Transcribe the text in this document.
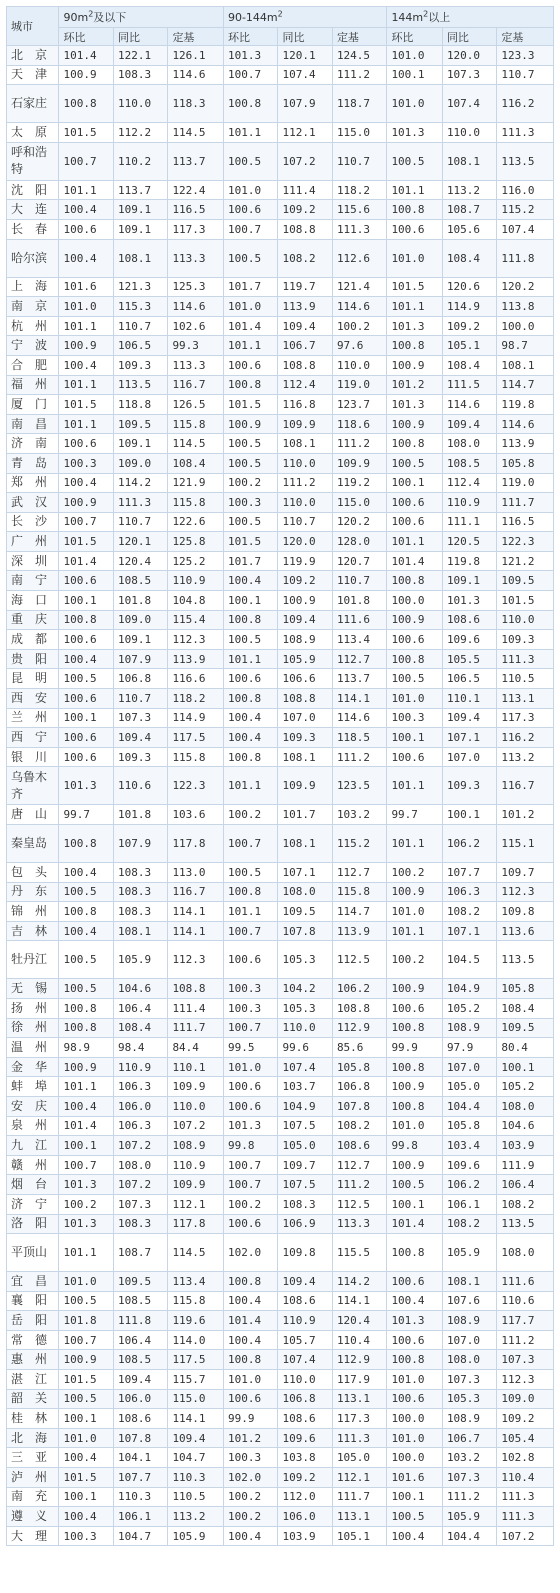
城市	$90m^2$及以下			$90-144m^2$			$144m^2$以上		
	环比	同比	定基	环比	同比	定基	环比	同比	定基
北　京	101.4	122.1	126.1	101.3	120.1	124.5	101.0	120.0	123.3
天　津	100.9	108.3	114.6	100.7	107.4	111.2	100.1	107.3	110.7
石家庄	100.8	110.0	118.3	100.8	107.9	118.7	101.0	107.4	116.2
太　原	101.5	112.2	114.5	101.1	112.1	115.0	101.3	110.0	111.3
呼和浩特	100.7	110.2	113.7	100.5	107.2	110.7	100.5	108.1	113.5
沈　阳	101.1	113.7	122.4	101.0	111.4	118.2	101.1	113.2	116.0
大　连	100.4	109.1	116.5	100.6	109.2	115.6	100.8	108.7	115.2
长　春	100.6	109.1	117.3	100.7	108.8	111.3	100.6	105.6	107.4
哈尔滨	100.4	108.1	113.3	100.5	108.2	112.6	101.0	108.4	111.8
上　海	101.6	121.3	125.3	101.7	119.7	121.4	101.5	120.6	120.2
南　京	101.0	115.3	114.6	101.0	113.9	114.6	101.1	114.9	113.8
杭　州	101.1	110.7	102.6	101.4	109.4	100.2	101.3	109.2	100.0
宁　波	100.9	106.5	99.3	101.1	106.7	97.6	100.8	105.1	98.7
合　肥	100.4	109.3	113.3	100.6	108.8	110.0	100.9	108.4	108.1
福　州	101.1	113.5	116.7	100.8	112.4	119.0	101.2	111.5	114.7
厦　门	101.5	118.8	126.5	101.5	116.8	123.7	101.3	114.6	119.8
南　昌	101.1	109.5	115.8	100.9	109.9	118.6	100.9	109.4	114.6
济　南	100.6	109.1	114.5	100.5	108.1	111.2	100.8	108.0	113.9
青　岛	100.3	109.0	108.4	100.5	110.0	109.9	100.5	108.5	105.8
郑　州	100.4	114.2	121.9	100.2	111.2	119.2	100.1	112.4	119.0
武　汉	100.9	111.3	115.8	100.3	110.0	115.0	100.6	110.9	111.7
长　沙	100.7	110.7	122.6	100.5	110.7	120.2	100.6	111.1	116.5
广　州	101.5	120.1	125.8	101.5	120.0	128.0	101.1	120.5	122.3
深　圳	101.4	120.4	125.2	101.7	119.9	120.7	101.4	119.8	121.2
南　宁	100.6	108.5	110.9	100.4	109.2	110.7	100.8	109.1	109.5
海　口	100.1	101.8	104.8	100.1	100.9	101.8	100.0	101.3	101.5
重　庆	100.8	109.0	115.4	100.8	109.4	111.6	100.9	108.6	110.0
成　都	100.6	109.1	112.3	100.5	108.9	113.4	100.6	109.6	109.3
贵　阳	100.4	107.9	113.9	101.1	105.9	112.7	100.8	105.5	111.3
昆　明	100.5	106.8	116.6	100.6	106.6	113.7	100.5	106.5	110.5
西　安	100.6	110.7	118.2	100.8	108.8	114.1	101.0	110.1	113.1
兰　州	100.1	107.3	114.9	100.4	107.0	114.6	100.3	109.4	117.3
西　宁	100.6	109.4	117.5	100.4	109.3	118.5	100.1	107.1	116.2
银　川	100.6	109.3	115.8	100.8	108.1	111.2	100.6	107.0	113.2
乌鲁木齐	101.3	110.6	122.3	101.1	109.9	123.5	101.1	109.3	116.7
唐　山	99.7	101.8	103.6	100.2	101.7	103.2	99.7	100.1	101.2
秦皇岛	100.8	107.9	117.8	100.7	108.1	115.2	101.1	106.2	115.1
包　头	100.4	108.3	113.0	100.5	107.1	112.7	100.2	107.7	109.7
丹　东	100.5	108.3	116.7	100.8	108.0	115.8	100.9	106.3	112.3
锦　州	100.8	108.3	114.1	101.1	109.5	114.7	101.0	108.2	109.8
吉　林	100.4	108.1	114.1	100.7	107.8	113.9	101.1	107.1	113.6
牡丹江	100.5	105.9	112.3	100.6	105.3	112.5	100.2	104.5	113.5
无　锡	100.5	104.6	108.8	100.3	104.2	106.2	100.9	104.9	105.8
扬　州	100.8	106.4	111.4	100.3	105.3	108.8	100.6	105.2	108.4
徐　州	100.8	108.4	111.7	100.7	110.0	112.9	100.8	108.9	109.5
温　州	98.9	98.4	84.4	99.5	99.6	85.6	99.9	97.9	80.4
金　华	100.9	110.9	110.1	101.0	107.4	105.8	100.8	107.0	100.1
蚌　埠	101.1	106.3	109.9	100.6	103.7	106.8	100.9	105.0	105.2
安　庆	100.4	106.0	110.0	100.6	104.9	107.8	100.8	104.4	108.0
泉　州	101.4	106.3	107.2	101.3	107.5	108.2	101.0	105.8	104.6
九　江	100.1	107.2	108.9	99.8	105.0	108.6	99.8	103.4	103.9
赣　州	100.7	108.0	110.9	100.7	109.7	112.7	100.9	109.6	111.9
烟　台	101.3	107.2	109.9	100.7	107.5	111.2	100.5	106.2	106.4
济　宁	100.2	107.3	112.1	100.2	108.3	112.5	100.1	106.1	108.2
洛　阳	101.3	108.3	117.8	100.6	106.9	113.3	101.4	108.2	113.5
平顶山	101.1	108.7	114.5	102.0	109.8	115.5	100.8	105.9	108.0
宜　昌	101.0	109.5	113.4	100.8	109.4	114.2	100.6	108.1	111.6
襄　阳	100.5	108.5	115.8	100.4	108.6	114.1	100.4	107.6	110.6
岳　阳	101.8	111.8	119.6	101.4	110.9	120.4	101.3	108.9	117.7
常　德	100.7	106.4	114.0	100.4	105.7	110.4	100.6	107.0	111.2
惠　州	100.9	108.5	117.5	100.8	107.4	112.9	100.8	108.0	107.3
湛　江	101.5	109.4	115.7	101.0	110.0	117.9	101.0	107.3	112.3
韶　关	100.5	106.0	115.0	100.6	106.8	113.1	100.6	105.3	109.0
桂　林	100.1	108.6	114.1	99.9	108.6	117.3	100.0	108.9	109.2
北　海	101.0	107.8	109.4	101.2	109.6	111.3	101.0	106.7	105.4
三　亚	100.4	104.1	104.7	100.3	103.8	105.0	100.0	103.2	102.8
泸　州	101.5	107.7	110.3	102.0	109.2	112.1	101.6	107.3	110.4
南　充	100.1	110.3	110.5	100.2	112.0	111.7	100.1	111.2	111.3
遵　义	100.4	106.1	113.2	100.2	106.0	113.1	100.5	105.9	111.3
大　理	100.3	104.7	105.9	100.4	103.9	105.1	100.4	104.4	107.2
